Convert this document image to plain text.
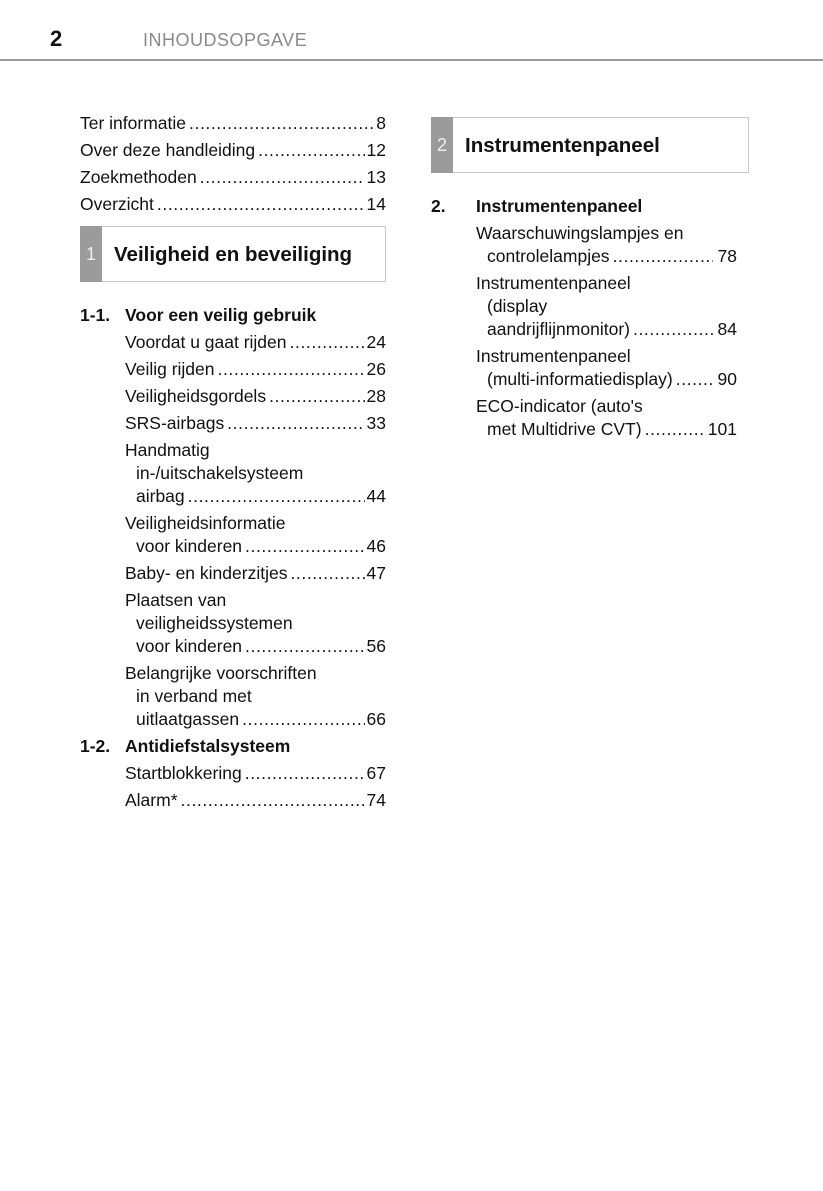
2	INHOUDSOPGAVE
Ter informatie .....	8
Over deze handleiding .....	12
Zoekmethoden .....	13
Overzicht .....	14
1 Veiligheid en beveiliging
1-1. Voor een veilig gebruik
Voordat u gaat rijden .....	24
Veilig rijden .....	26
Veiligheidsgordels .....	28
SRS-airbags .....	33
Handmatig
in-/uitschakelsysteem
airbag .....	44
Veiligheidsinformatie
voor kinderen .....	46
Baby- en kinderzitjes .....	47
Plaatsen van
veiligheidssystemen
voor kinderen .....	56
Belangrijke voorschriften
in verband met
uitlaatgassen .....	66
1-2. Antidiefstalsysteem
Startblokkering .....	67
Alarm* .....	74
2 Instrumentenpaneel
2.	Instrumentenpaneel
Waarschuwingslampjes en
controlelampjes .....	78
Instrumentenpaneel
(display
aandrijflijnmonitor) .....	84
Instrumentenpaneel
(multi-informatiedisplay) .....	90
ECO-indicator (auto's
met Multidrive CVT) .....	101
